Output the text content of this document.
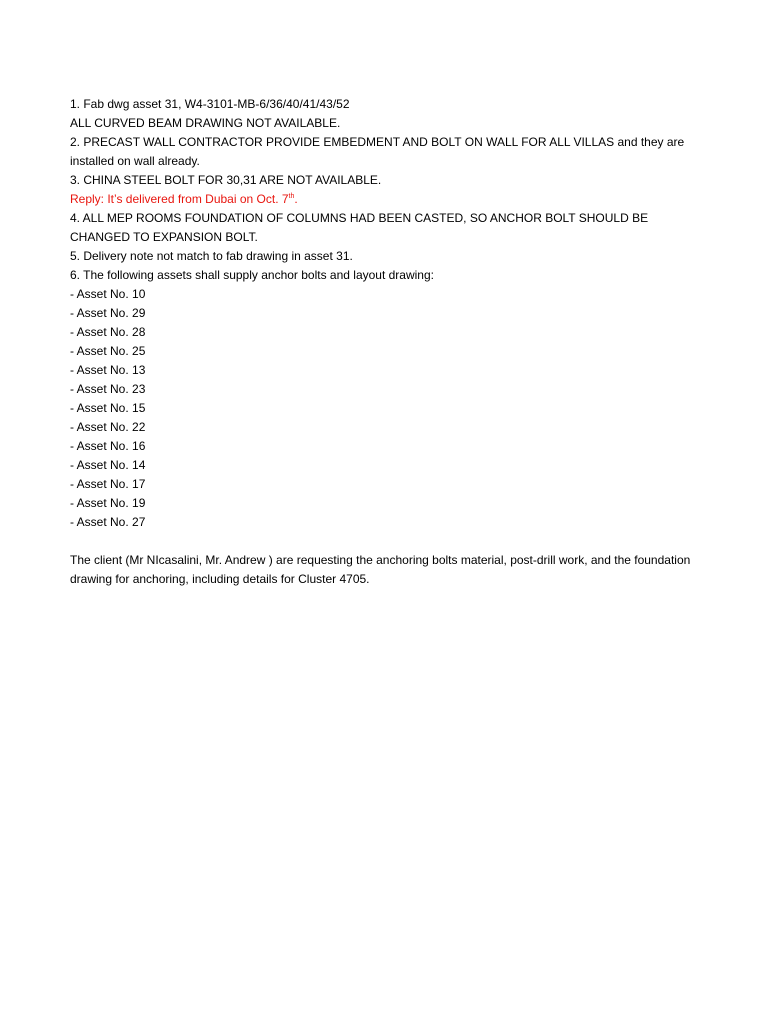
1. Fab dwg asset 31, W4-3101-MB-6/36/40/41/43/52

ALL CURVED BEAM DRAWING NOT AVAILABLE.

2. PRECAST WALL CONTRACTOR PROVIDE EMBEDMENT AND BOLT ON WALL FOR ALL VILLAS and they are installed on wall already.

3. CHINA STEEL BOLT FOR 30,31 ARE NOT AVAILABLE.

Reply: It’s delivered from Dubai on Oct. 7th.

4. ALL MEP ROOMS FOUNDATION OF COLUMNS HAD BEEN CASTED, SO ANCHOR BOLT SHOULD BE CHANGED TO EXPANSION BOLT.

5. Delivery note not match to fab drawing in asset 31.

6. The following assets shall supply anchor bolts and layout drawing:

- Asset No. 10

- Asset No. 29

- Asset No. 28

- Asset No. 25

- Asset No. 13

- Asset No. 23

- Asset No. 15

- Asset No. 22

- Asset No. 16

- Asset No. 14

- Asset No. 17

- Asset No. 19

- Asset No. 27

The client (Mr NIcasalini, Mr. Andrew ) are requesting the anchoring bolts material, post-drill work, and the foundation drawing for anchoring, including details for Cluster 4705.
